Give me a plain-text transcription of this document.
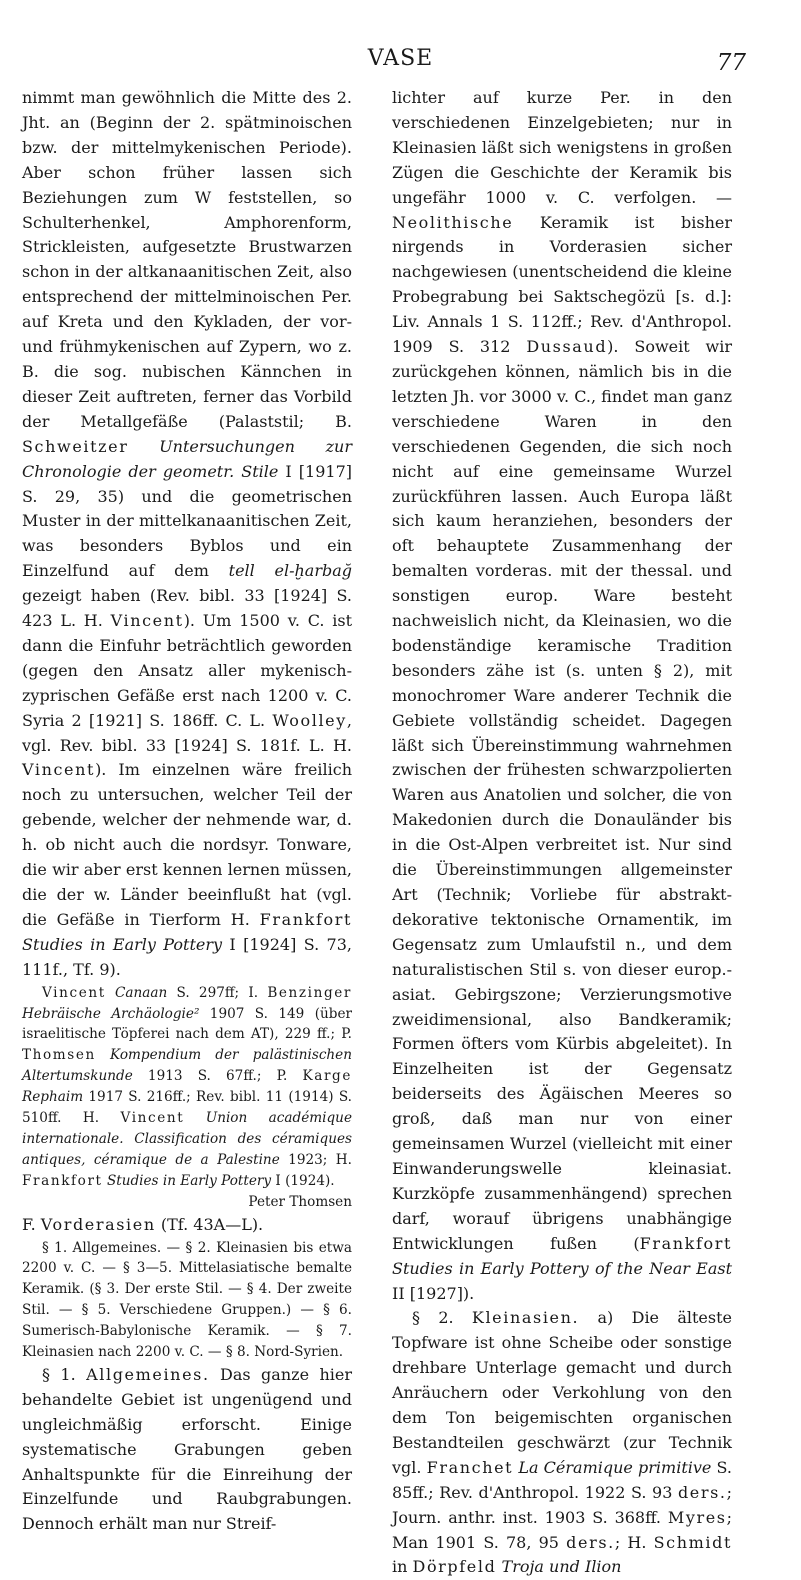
VASE	77

nimmt man gewöhnlich die Mitte des 2. Jht. an (Beginn der 2. spätminoischen bzw. der mittelmykenischen Periode). Aber schon früher lassen sich Beziehungen zum W feststellen, so Schulterhenkel, Amphorenform, Strickleisten, aufgesetzte Brustwarzen schon in der altkanaanitischen Zeit, also entsprechend der mittelminoischen Per. auf Kreta und den Kykladen, der vor- und frühmykenischen auf Zypern, wo z. B. die sog. nubischen Kännchen in dieser Zeit auftreten, ferner das Vorbild der Metallgefäße (Palaststil; B. Schweitzer Untersuchungen zur Chronologie der geometr. Stile I [1917] S. 29, 35) und die geometrischen Muster in der mittelkanaanitischen Zeit, was besonders Byblos und ein Einzelfund auf dem tell el-ḫarbağ gezeigt haben (Rev. bibl. 33 [1924] S. 423 L. H. Vincent). Um 1500 v. C. ist dann die Einfuhr beträchtlich geworden (gegen den Ansatz aller mykenisch-zyprischen Gefäße erst nach 1200 v. C. Syria 2 [1921] S. 186ff. C. L. Woolley, vgl. Rev. bibl. 33 [1924] S. 181f. L. H. Vincent). Im einzelnen wäre freilich noch zu untersuchen, welcher Teil der gebende, welcher der nehmende war, d. h. ob nicht auch die nordsyr. Tonware, die wir aber erst kennen lernen müssen, die der w. Länder beeinflußt hat (vgl. die Gefäße in Tierform H. Frankfort Studies in Early Pottery I [1924] S. 73, 111f., Tf. 9).

Vincent Canaan S. 297ff; I. Benzinger Hebräische Archäologie² 1907 S. 149 (über israelitische Töpferei nach dem AT), 229 ff.; P. Thomsen Kompendium der palästinischen Altertumskunde 1913 S. 67ff.; P. Karge Rephaim 1917 S. 216ff.; Rev. bibl. 11 (1914) S. 510ff. H. Vincent Union académique internationale. Classification des céramiques antiques, céramique de a Palestine 1923; H. Frankfort Studies in Early Pottery I (1924).

Peter Thomsen

F. Vorderasien (Tf. 43A—L).

§ 1. Allgemeines. — § 2. Kleinasien bis etwa 2200 v. C. — § 3—5. Mittelasiatische bemalte Keramik. (§ 3. Der erste Stil. — § 4. Der zweite Stil. — § 5. Verschiedene Gruppen.) — § 6. Sumerisch-Babylonische Keramik. — § 7. Kleinasien nach 2200 v. C. — § 8. Nord-Syrien.

§ 1. Allgemeines. Das ganze hier behandelte Gebiet ist ungenügend und ungleichmäßig erforscht. Einige systematische Grabungen geben Anhaltspunkte für die Einreihung der Einzelfunde und Raubgrabungen. Dennoch erhält man nur Streif-

lichter auf kurze Per. in den verschiedenen Einzelgebieten; nur in Kleinasien läßt sich wenigstens in großen Zügen die Geschichte der Keramik bis ungefähr 1000 v. C. verfolgen. — Neolithische Keramik ist bisher nirgends in Vorderasien sicher nachgewiesen (unentscheidend die kleine Probegrabung bei Saktschegözü [s. d.]: Liv. Annals 1 S. 112ff.; Rev. d'Anthropol. 1909 S. 312 Dussaud). Soweit wir zurückgehen können, nämlich bis in die letzten Jh. vor 3000 v. C., findet man ganz verschiedene Waren in den verschiedenen Gegenden, die sich noch nicht auf eine gemeinsame Wurzel zurückführen lassen. Auch Europa läßt sich kaum heranziehen, besonders der oft behauptete Zusammenhang der bemalten vorderas. mit der thessal. und sonstigen europ. Ware besteht nachweislich nicht, da Kleinasien, wo die bodenständige keramische Tradition besonders zähe ist (s. unten § 2), mit monochromer Ware anderer Technik die Gebiete vollständig scheidet. Dagegen läßt sich Übereinstimmung wahrnehmen zwischen der frühesten schwarzpolierten Waren aus Anatolien und solcher, die von Makedonien durch die Donauländer bis in die Ost-Alpen verbreitet ist. Nur sind die Übereinstimmungen allgemeinster Art (Technik; Vorliebe für abstrakt-dekorative tektonische Ornamentik, im Gegensatz zum Umlaufstil n., und dem naturalistischen Stil s. von dieser europ.-asiat. Gebirgszone; Verzierungsmotive zweidimensional, also Bandkeramik; Formen öfters vom Kürbis abgeleitet). In Einzelheiten ist der Gegensatz beiderseits des Ägäischen Meeres so groß, daß man nur von einer gemeinsamen Wurzel (vielleicht mit einer Einwanderungswelle kleinasiat. Kurzköpfe zusammenhängend) sprechen darf, worauf übrigens unabhängige Entwicklungen fußen (Frankfort Studies in Early Pottery of the Near East II [1927]).

§ 2. Kleinasien. a) Die älteste Topfware ist ohne Scheibe oder sonstige drehbare Unterlage gemacht und durch Anräuchern oder Verkohlung von den dem Ton beigemischten organischen Bestandteilen geschwärzt (zur Technik vgl. Franchet La Céramique primitive S. 85ff.; Rev. d'Anthropol. 1922 S. 93 ders.; Journ. anthr. inst. 1903 S. 368ff. Myres; Man 1901 S. 78, 95 ders.; H. Schmidt in Dörpfeld Troja und Ilion
